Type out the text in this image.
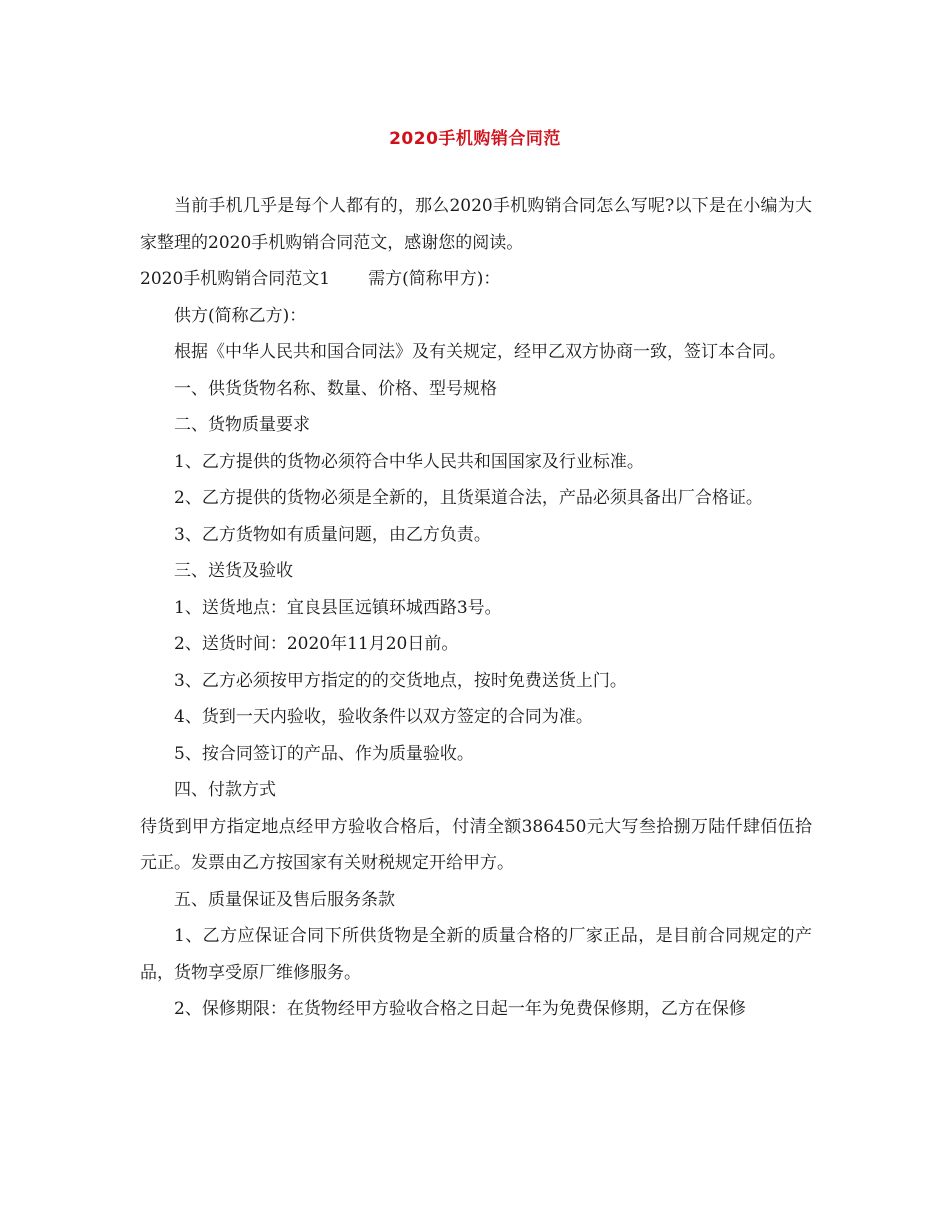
2020手机购销合同范

当前手机几乎是每个人都有的，那么2020手机购销合同怎么写呢?以下是在小编为大家整理的2020手机购销合同范文，感谢您的阅读。

2020手机购销合同范文1 需方(简称甲方)：

供方(简称乙方)：

根据《中华人民共和国合同法》及有关规定，经甲乙双方协商一致，签订本合同。

一、供货货物名称、数量、价格、型号规格

二、货物质量要求

1、乙方提供的货物必须符合中华人民共和国国家及行业标准。

2、乙方提供的货物必须是全新的，且货渠道合法，产品必须具备出厂合格证。

3、乙方货物如有质量问题，由乙方负责。

三、送货及验收

1、送货地点：宜良县匡远镇环城西路3号。

2、送货时间：2020年11月20日前。

3、乙方必须按甲方指定的的交货地点，按时免费送货上门。

4、货到一天内验收，验收条件以双方签定的合同为准。

5、按合同签订的产品、作为质量验收。

四、付款方式

待货到甲方指定地点经甲方验收合格后，付清全额386450元大写叁拾捌万陆仟肆佰伍拾元正。发票由乙方按国家有关财税规定开给甲方。

五、质量保证及售后服务条款

1、乙方应保证合同下所供货物是全新的质量合格的厂家正品，是目前合同规定的产品，货物享受原厂维修服务。

2、保修期限：在货物经甲方验收合格之日起一年为免费保修期，乙方在保修
